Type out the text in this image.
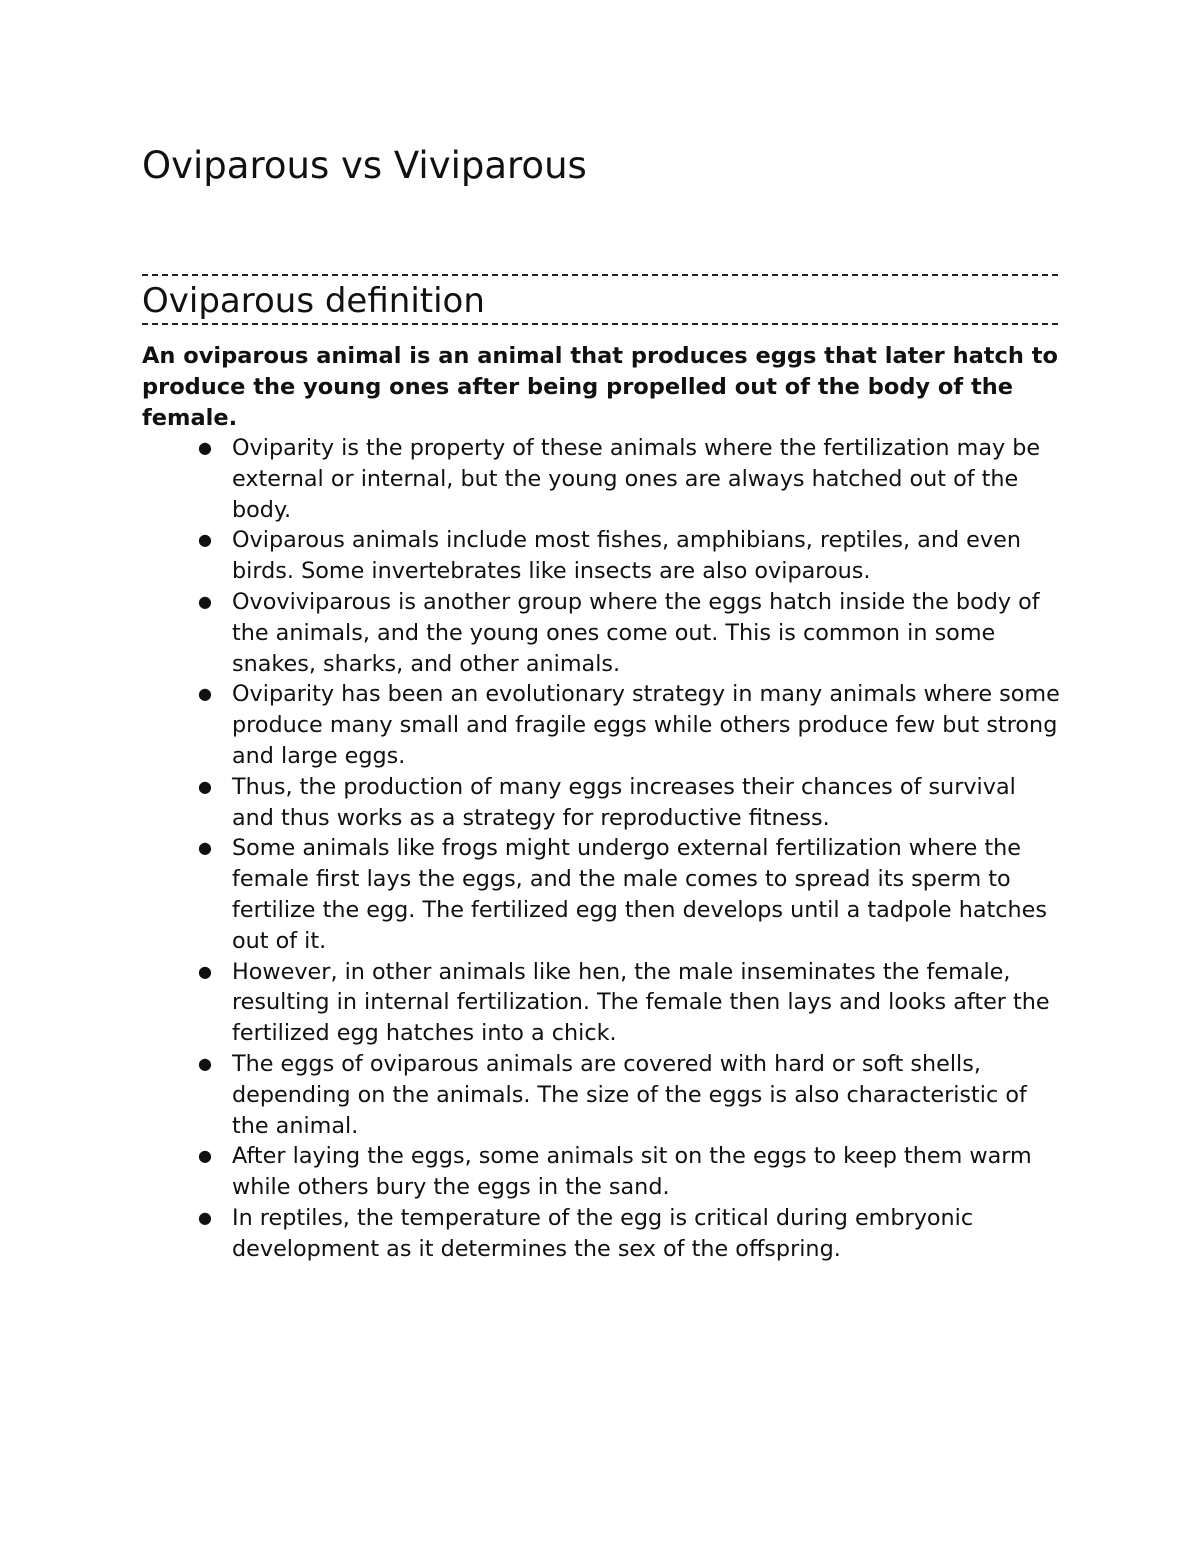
Oviparous vs Viviparous
Oviparous definition

An oviparous animal is an animal that produces eggs that later hatch to produce the young ones after being propelled out of the body of the female.

● Oviparity is the property of these animals where the fertilization may be external or internal, but the young ones are always hatched out of the body.
● Oviparous animals include most fishes, amphibians, reptiles, and even birds. Some invertebrates like insects are also oviparous.
● Ovoviviparous is another group where the eggs hatch inside the body of the animals, and the young ones come out. This is common in some snakes, sharks, and other animals.
● Oviparity has been an evolutionary strategy in many animals where some produce many small and fragile eggs while others produce few but strong and large eggs.
● Thus, the production of many eggs increases their chances of survival and thus works as a strategy for reproductive fitness.
● Some animals like frogs might undergo external fertilization where the female first lays the eggs, and the male comes to spread its sperm to fertilize the egg. The fertilized egg then develops until a tadpole hatches out of it.
● However, in other animals like hen, the male inseminates the female, resulting in internal fertilization. The female then lays and looks after the fertilized egg hatches into a chick.
● The eggs of oviparous animals are covered with hard or soft shells, depending on the animals. The size of the eggs is also characteristic of the animal.
● After laying the eggs, some animals sit on the eggs to keep them warm while others bury the eggs in the sand.
● In reptiles, the temperature of the egg is critical during embryonic development as it determines the sex of the offspring.
